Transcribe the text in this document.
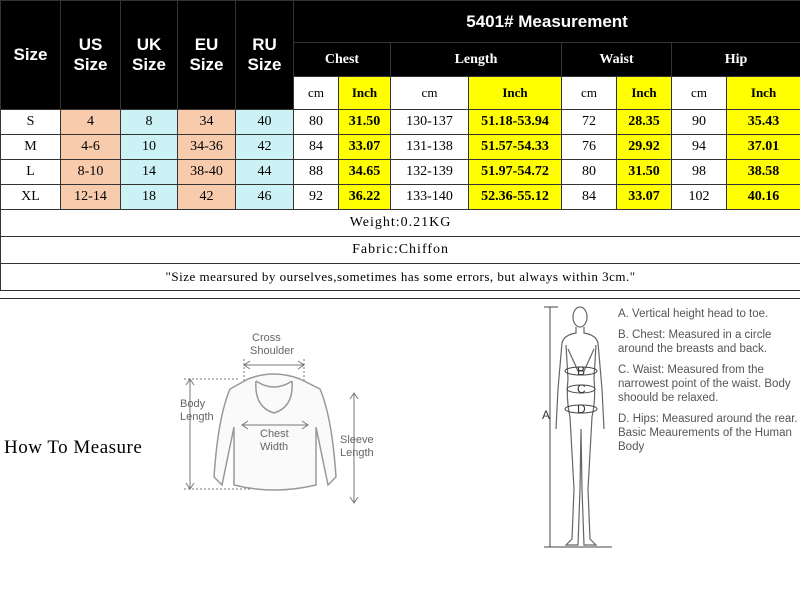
Size	US Size	UK Size	EU Size	RU Size	5401# Measurement							
					Chest		Length		Waist		Hip	
					cm	Inch	cm	Inch	cm	Inch	cm	Inch
S	4	8	34	40	80	31.50	130-137	51.18-53.94	72	28.35	90	35.43
M	4-6	10	34-36	42	84	33.07	131-138	51.57-54.33	76	29.92	94	37.01
L	8-10	14	38-40	44	88	34.65	132-139	51.97-54.72	80	31.50	98	38.58
XL	12-14	18	42	46	92	36.22	133-140	52.36-55.12	84	33.07	102	40.16
Weight:0.21KG												
Fabric:Chiffon												
"Size mearsured by ourselves,sometimes has some errors, but always within 3cm."												
How To Measure
Cross
Shoulder
Body
Length
Chest
Width
Sleeve
Length
A
B
C
D
A. Vertical height head to toe.
B. Chest: Measured in a circle around the breasts and back.
C. Waist: Measured from the narrowest point of the waist. Body shoould be relaxed.
D. Hips: Measured around the rear. Basic Meaurements of the Human Body
